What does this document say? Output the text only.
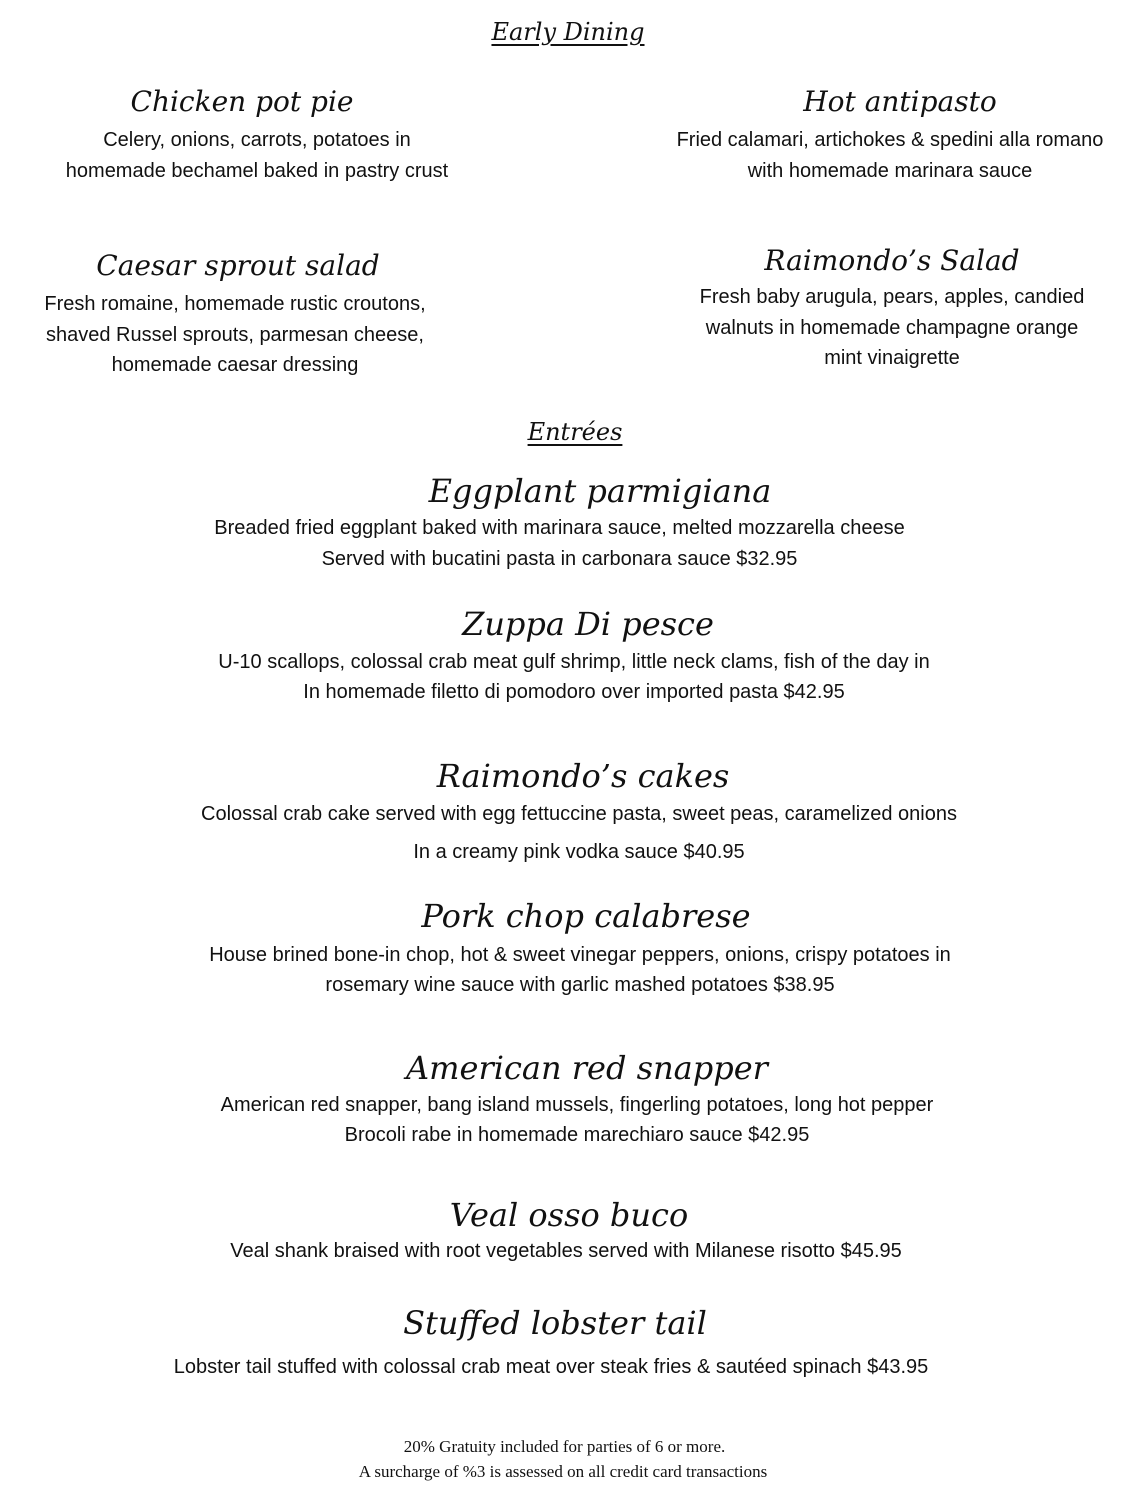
Early Dining
Chicken pot pie
Celery, onions, carrots, potatoes in homemade bechamel baked in pastry crust
Hot antipasto
Fried calamari, artichokes & spedini alla romano with homemade marinara sauce
Caesar sprout salad
Fresh romaine, homemade rustic croutons, shaved Russel sprouts, parmesan cheese, homemade caesar dressing
Raimondo’s Salad
Fresh baby arugula, pears, apples, candied walnuts in homemade champagne orange mint vinaigrette
Entrées
Eggplant parmigiana
Breaded fried eggplant baked with marinara sauce, melted mozzarella cheese
Served with bucatini pasta in carbonara sauce $32.95
Zuppa Di pesce
U-10 scallops, colossal crab meat gulf shrimp, little neck clams, fish of the day in
In homemade filetto di pomodoro over imported pasta $42.95
Raimondo’s cakes
Colossal crab cake served with egg fettuccine pasta, sweet peas, caramelized onions
In a creamy pink vodka sauce $40.95
Pork chop calabrese
House brined bone-in chop, hot & sweet vinegar peppers, onions, crispy potatoes in
rosemary wine sauce with garlic mashed potatoes $38.95
American red snapper
American red snapper, bang island mussels, fingerling potatoes, long hot pepper
Brocoli rabe in homemade marechiaro sauce $42.95
Veal osso buco
Veal shank braised with root vegetables served with Milanese risotto $45.95
Stuffed lobster tail
Lobster tail stuffed with colossal crab meat over steak fries & sautéed spinach $43.95
20% Gratuity included for parties of 6 or more.
A surcharge of %3 is assessed on all credit card transactions
